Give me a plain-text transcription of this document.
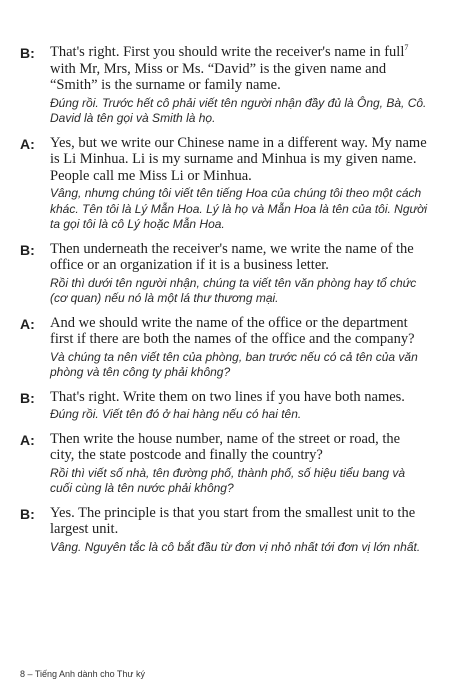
B:	That's right. First you should write the receiver's name in full$^7$ with Mr, Mrs, Miss or Ms. “David” is the given name and “Smith” is the surname or family name.

Đúng rồi. Trước hết cô phải viết tên người nhận đầy đủ là Ông, Bà, Cô. David là tên gọi và Smith là họ.

A:	Yes, but we write our Chinese name in a different way. My name is Li Minhua. Li is my surname and Minhua is my given name. People call me Miss Li or Minhua.

Vâng, nhưng chúng tôi viết tên tiếng Hoa của chúng tôi theo một cách khác. Tên tôi là Lý Mẫn Hoa. Lý là họ và Mẫn Hoa là tên của tôi. Người ta gọi tôi là cô Lý hoặc Mẫn Hoa.

B:	Then underneath the receiver's name, we write the name of the office or an organization if it is a business letter.

Rồi thì dưới tên người nhận, chúng ta viết tên văn phòng hay tổ chức (cơ quan) nếu nó là một lá thư thương mại.

A:	And we should write the name of the office or the department first if there are both the names of the office and the company?

Và chúng ta nên viết tên của phòng, ban trước nếu có cả tên của văn phòng và tên công ty phải không?

B:	That's right. Write them on two lines if you have both names.

Đúng rồi. Viết tên đó ở hai hàng nếu có hai tên.

A:	Then write the house number, name of the street or road, the city, the state postcode and finally the country?

Rồi thì viết số nhà, tên đường phố, thành phố, số hiệu tiểu bang và cuối cùng là tên nước phải không?

B:	Yes. The principle is that you start from the smallest unit to the largest unit.

Vâng. Nguyên tắc là cô bắt đầu từ đơn vị nhỏ nhất tới đơn vị lớn nhất.

8 – Tiếng Anh dành cho Thư ký
